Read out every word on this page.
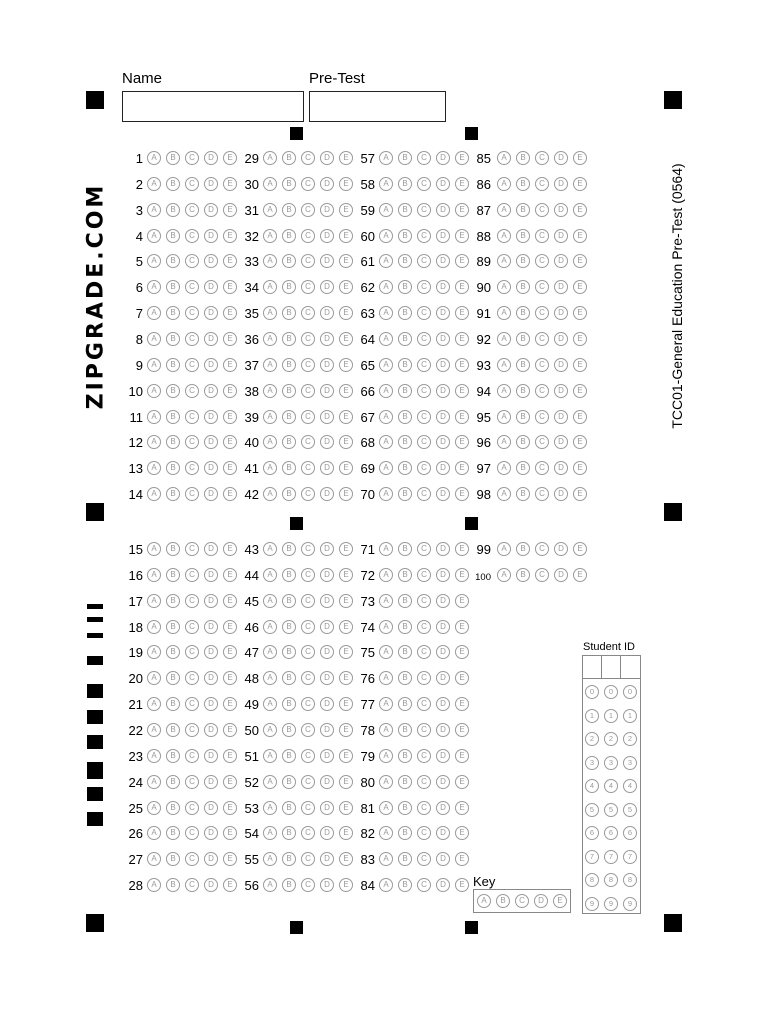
Name	Pre-Test
ZIPGRADE.COM	TCC01-General Education Pre-Test (0564)
1	A	B	C	D	E
2	A	B	C	D	E
3	A	B	C	D	E
4	A	B	C	D	E
5	A	B	C	D	E
6	A	B	C	D	E
7	A	B	C	D	E
8	A	B	C	D	E
9	A	B	C	D	E
10	A	B	C	D	E
11	A	B	C	D	E
12	A	B	C	D	E
13	A	B	C	D	E
14	A	B	C	D	E
15	A	B	C	D	E
16	A	B	C	D	E
17	A	B	C	D	E
18	A	B	C	D	E
19	A	B	C	D	E
20	A	B	C	D	E
21	A	B	C	D	E
22	A	B	C	D	E
23	A	B	C	D	E
24	A	B	C	D	E
25	A	B	C	D	E
26	A	B	C	D	E
27	A	B	C	D	E
28	A	B	C	D	E
29	A	B	C	D	E
30	A	B	C	D	E
31	A	B	C	D	E
32	A	B	C	D	E
33	A	B	C	D	E
34	A	B	C	D	E
35	A	B	C	D	E
36	A	B	C	D	E
37	A	B	C	D	E
38	A	B	C	D	E
39	A	B	C	D	E
40	A	B	C	D	E
41	A	B	C	D	E
42	A	B	C	D	E
43	A	B	C	D	E
44	A	B	C	D	E
45	A	B	C	D	E
46	A	B	C	D	E
47	A	B	C	D	E
48	A	B	C	D	E
49	A	B	C	D	E
50	A	B	C	D	E
51	A	B	C	D	E
52	A	B	C	D	E
53	A	B	C	D	E
54	A	B	C	D	E
55	A	B	C	D	E
56	A	B	C	D	E
57	A	B	C	D	E
58	A	B	C	D	E
59	A	B	C	D	E
60	A	B	C	D	E
61	A	B	C	D	E
62	A	B	C	D	E
63	A	B	C	D	E
64	A	B	C	D	E
65	A	B	C	D	E
66	A	B	C	D	E
67	A	B	C	D	E
68	A	B	C	D	E
69	A	B	C	D	E
70	A	B	C	D	E
71	A	B	C	D	E
72	A	B	C	D	E
73	A	B	C	D	E
74	A	B	C	D	E
75	A	B	C	D	E
76	A	B	C	D	E
77	A	B	C	D	E
78	A	B	C	D	E
79	A	B	C	D	E
80	A	B	C	D	E
81	A	B	C	D	E
82	A	B	C	D	E
83	A	B	C	D	E
84	A	B	C	D	E
85	A	B	C	D	E
86	A	B	C	D	E
87	A	B	C	D	E
88	A	B	C	D	E
89	A	B	C	D	E
90	A	B	C	D	E
91	A	B	C	D	E
92	A	B	C	D	E
93	A	B	C	D	E
94	A	B	C	D	E
95	A	B	C	D	E
96	A	B	C	D	E
97	A	B	C	D	E
98	A	B	C	D	E
99	A	B	C	D	E
100	A	B	C	D	E
Student ID
0	0	0
1	1	1
2	2	2
3	3	3
4	4	4
5	5	5
6	6	6
7	7	7
8	8	8
9	9	9
Key
A	B	C	D	E
